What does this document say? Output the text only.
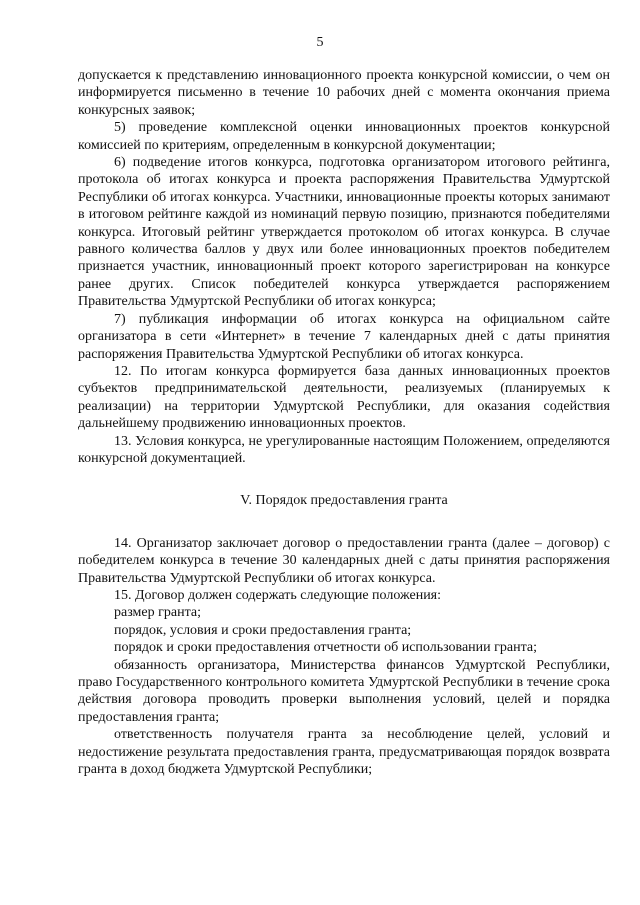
5

допускается к представлению инновационного проекта конкурсной комиссии, о чем он информируется письменно в течение 10 рабочих дней с момента окончания приема конкурсных заявок;

5) проведение комплексной оценки инновационных проектов конкурсной комиссией по критериям, определенным в конкурсной документации;

6) подведение итогов конкурса, подготовка организатором итогового рейтинга, протокола об итогах конкурса и проекта распоряжения Правительства Удмуртской Республики об итогах конкурса. Участники, инновационные проекты которых занимают в итоговом рейтинге каждой из номинаций первую позицию, признаются победителями конкурса. Итоговый рейтинг утверждается протоколом об итогах конкурса. В случае равного количества баллов у двух или более инновационных проектов победителем признается участник, инновационный проект которого зарегистрирован на конкурсе ранее других. Список победителей конкурса утверждается распоряжением Правительства Удмуртской Республики об итогах конкурса;

7) публикация информации об итогах конкурса на официальном сайте организатора в сети «Интернет» в течение 7 календарных дней с даты принятия распоряжения Правительства Удмуртской Республики об итогах конкурса.

12. По итогам конкурса формируется база данных инновационных проектов субъектов предпринимательской деятельности, реализуемых (планируемых к реализации) на территории Удмуртской Республики, для оказания содействия дальнейшему продвижению инновационных проектов.

13. Условия конкурса, не урегулированные настоящим Положением, определяются конкурсной документацией.

V. Порядок предоставления гранта

14. Организатор заключает договор о предоставлении гранта (далее – договор) с победителем конкурса в течение 30 календарных дней с даты принятия распоряжения Правительства Удмуртской Республики об итогах конкурса.

15. Договор должен содержать следующие положения:

размер гранта;

порядок, условия и сроки предоставления гранта;

порядок и сроки предоставления отчетности об использовании гранта;

обязанность организатора, Министерства финансов Удмуртской Республики, право Государственного контрольного комитета Удмуртской Республики в течение срока действия договора проводить проверки выполнения условий, целей и порядка предоставления гранта;

ответственность получателя гранта за несоблюдение целей, условий и недостижение результата предоставления гранта, предусматривающая порядок возврата гранта в доход бюджета Удмуртской Республики;
